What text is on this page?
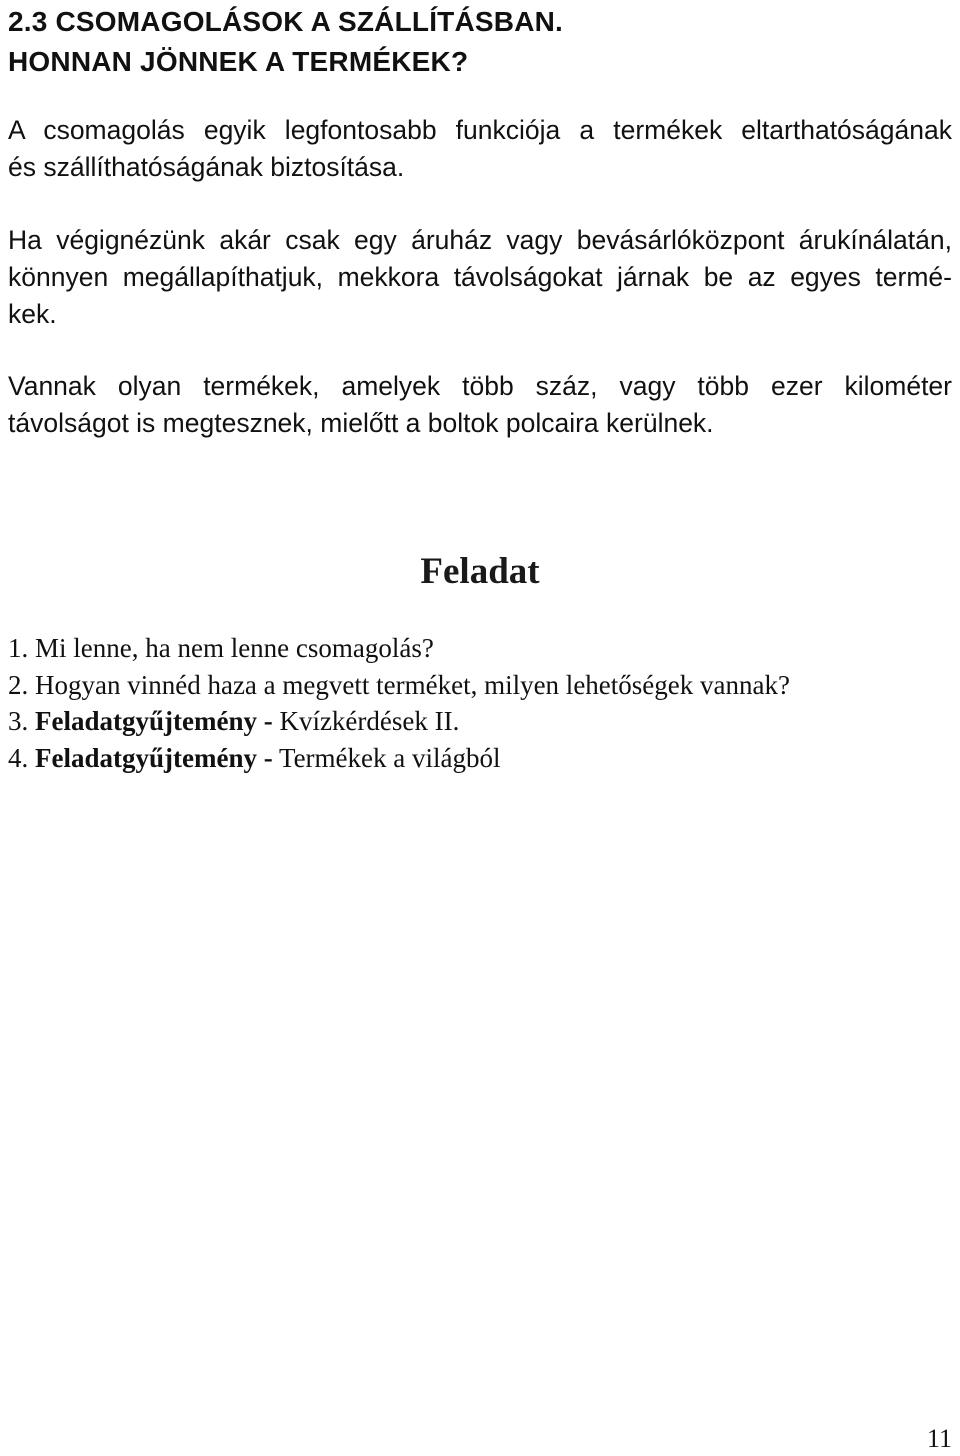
2.3 CSOMAGOLÁSOK A SZÁLLÍTÁSBAN.
HONNAN JÖNNEK A TERMÉKEK?

A csomagolás egyik legfontosabb funkciója a termékek eltarthatóságának
és szállíthatóságának biztosítása.

Ha végignézünk akár csak egy áruház vagy bevásárlóközpont árukínálatán,
könnyen megállapíthatjuk, mekkora távolságokat járnak be az egyes termé-
kek.

Vannak olyan termékek, amelyek több száz, vagy több ezer kilométer
távolságot is megtesznek, mielőtt a boltok polcaira kerülnek.

Feladat
1. Mi lenne, ha nem lenne csomagolás?
2. Hogyan vinnéd haza a megvett terméket, milyen lehetőségek vannak?
3. Feladatgyűjtemény - Kvízkérdések II.
4. Feladatgyűjtemény - Termékek a világból
11
